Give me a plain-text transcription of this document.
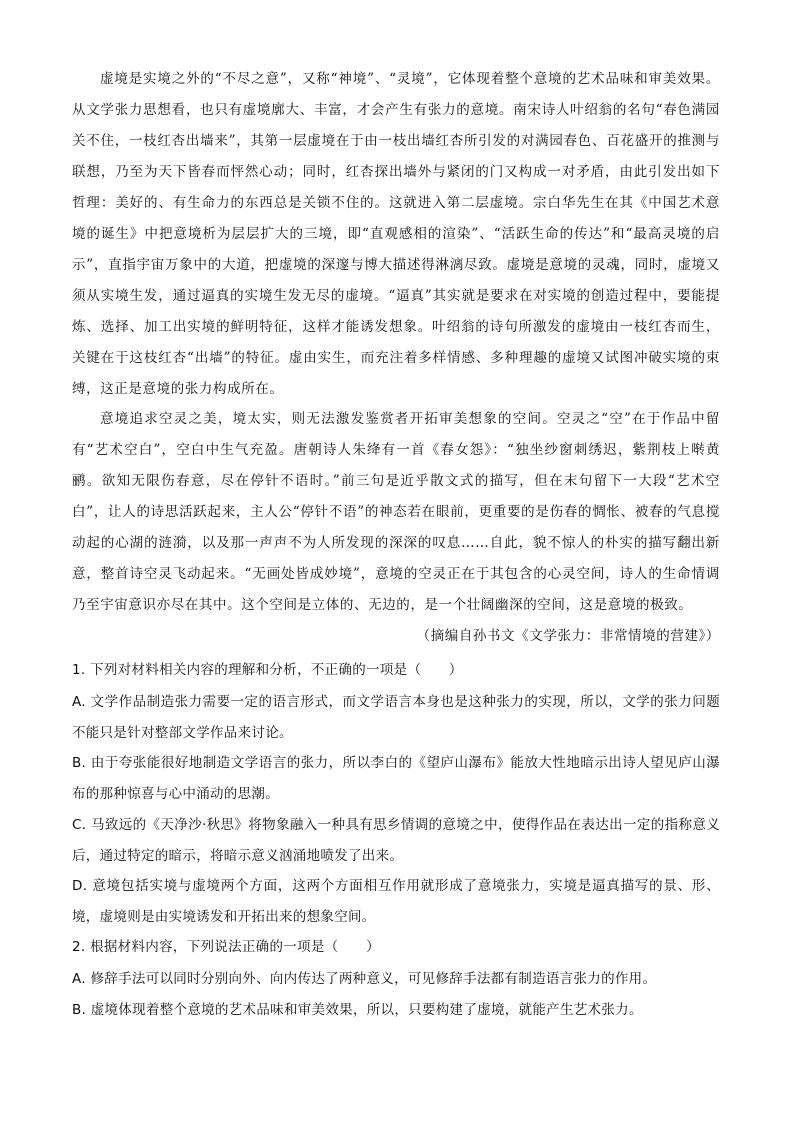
虚境是实境之外的“不尽之意”，又称“神境”、“灵境”，它体现着整个意境的艺术品味和审美效果。从文学张力思想看，也只有虚境廓大、丰富，才会产生有张力的意境。南宋诗人叶绍翁的名句“春色满园关不住，一枝红杏出墙来”，其第一层虚境在于由一枝出墙红杏所引发的对满园春色、百花盛开的推测与联想，乃至为天下皆春而怦然心动；同时，红杏探出墙外与紧闭的门又构成一对矛盾，由此引发出如下哲理：美好的、有生命力的东西总是关锁不住的。这就进入第二层虚境。宗白华先生在其《中国艺术意境的诞生》中把意境析为层层扩大的三境，即“直观感相的渲染”、“活跃生命的传达”和“最高灵境的启示”，直指宇宙万象中的大道，把虚境的深邃与博大描述得淋漓尽致。虚境是意境的灵魂，同时，虚境又须从实境生发，通过逼真的实境生发无尽的虚境。“逼真”其实就是要求在对实境的创造过程中，要能提炼、选择、加工出实境的鲜明特征，这样才能诱发想象。叶绍翁的诗句所激发的虚境由一枝红杏而生，关键在于这枝红杏“出墙”的特征。虚由实生，而充注着多样情感、多种理趣的虚境又试图冲破实境的束缚，这正是意境的张力构成所在。

意境追求空灵之美，境太实，则无法激发鉴赏者开拓审美想象的空间。空灵之“空”在于作品中留有“艺术空白”，空白中生气充盈。唐朝诗人朱绛有一首《春女怨》：“独坐纱窗刺绣迟，紫荆枝上啭黄鹂。欲知无限伤春意，尽在停针不语时。”前三句是近乎散文式的描写，但在末句留下一大段“艺术空白”，让人的诗思活跃起来，主人公“停针不语”的神态若在眼前，更重要的是伤春的惆怅、被春的气息搅动起的心湖的涟漪，以及那一声声不为人所发现的深深的叹息……自此，貌不惊人的朴实的描写翻出新意，整首诗空灵飞动起来。“无画处皆成妙境”，意境的空灵正在于其包含的心灵空间，诗人的生命情调乃至宇宙意识亦尽在其中。这个空间是立体的、无边的，是一个壮阔幽深的空间，这是意境的极致。

（摘编自孙书文《文学张力：非常情境的营建》）

1. 下列对材料相关内容的理解和分析，不正确的一项是（　　）

A. 文学作品制造张力需要一定的语言形式，而文学语言本身也是这种张力的实现，所以，文学的张力问题不能只是针对整部文学作品来讨论。

B. 由于夸张能很好地制造文学语言的张力，所以李白的《望庐山瀑布》能放大性地暗示出诗人望见庐山瀑布的那种惊喜与心中涌动的思潮。

C. 马致远的《天净沙·秋思》将物象融入一种具有思乡情调的意境之中，使得作品在表达出一定的指称意义后，通过特定的暗示，将暗示意义汹涌地喷发了出来。

D. 意境包括实境与虚境两个方面，这两个方面相互作用就形成了意境张力，实境是逼真描写的景、形、境，虚境则是由实境诱发和开拓出来的想象空间。

2. 根据材料内容，下列说法正确的一项是（　　）

A. 修辞手法可以同时分别向外、向内传达了两种意义，可见修辞手法都有制造语言张力的作用。

B. 虚境体现着整个意境的艺术品味和审美效果，所以，只要构建了虚境，就能产生艺术张力。
